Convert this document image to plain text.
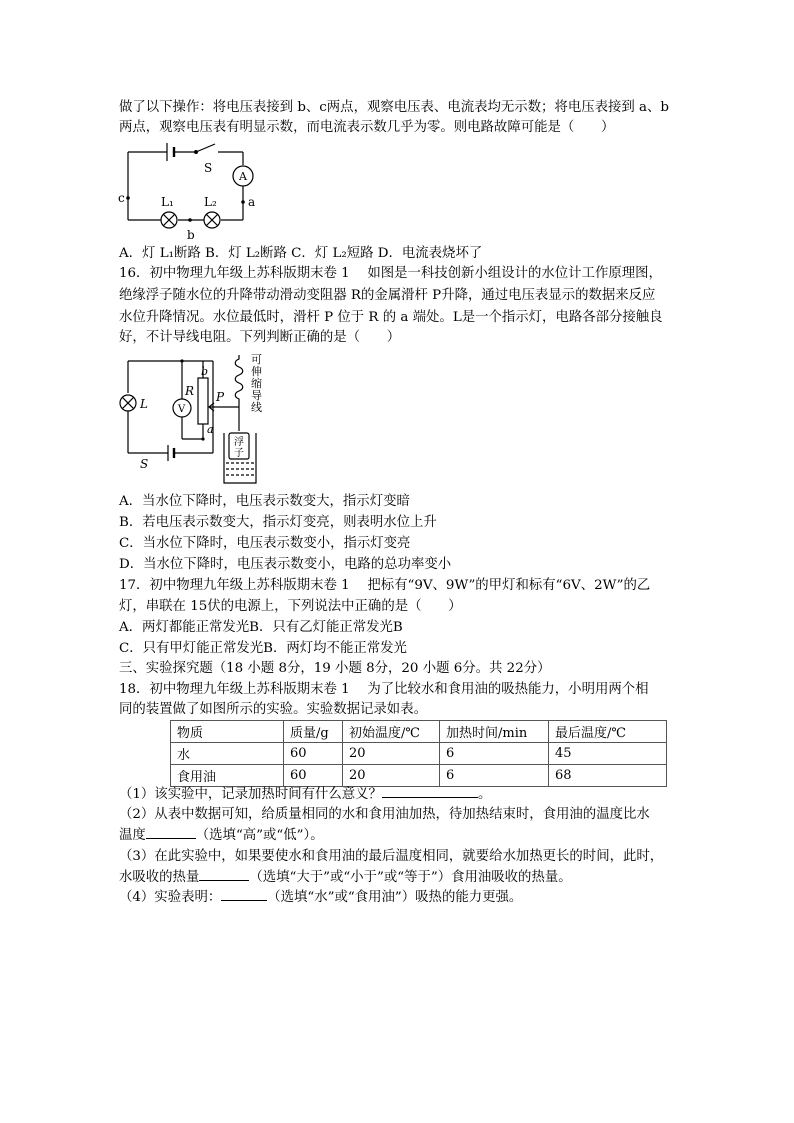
做了以下操作：将电压表接到 b、c两点，观察电压表、电流表均无示数；将电压表接到 a、b
两点，观察电压表有明显示数，而电流表示数几乎为零。则电路故障可能是（　　）
A
S
L₁	L₂	a
b
c
A．灯 L₁断路 B．灯 L₂断路 C．灯 L₂短路 D．电流表烧坏了
16．初中物理九年级上苏科版期末卷 1　 如图是一科技创新小组设计的水位计工作原理图，
绝缘浮子随水位的升降带动滑动变阻器 R的金属滑杆 P升降，通过电压表显示的数据来反应
水位升降情况。水位最低时，滑杆 P 位于 R 的 a 端处。L是一个指示灯，电路各部分接触良
好，不计导线电阻。下列判断正确的是（　　）
L	V
R P
b
a
S
可
伸
缩
导
线
浮
子
A．当水位下降时，电压表示数变大，指示灯变暗
B．若电压表示数变大，指示灯变亮，则表明水位上升
C．当水位下降时，电压表示数变小，指示灯变亮
D．当水位下降时，电压表示数变小，电路的总功率变小
17．初中物理九年级上苏科版期末卷 1　 把标有“9V、9W”的甲灯和标有“6V、2W”的乙
灯，串联在 15伏的电源上，下列说法中正确的是（　　）
A．两灯都能正常发光B．只有乙灯能正常发光B
C．只有甲灯能正常发光B．两灯均不能正常发光
三、实验探究题（18 小题 8分，19 小题 8分，20 小题 6分。共 22分）
18．初中物理九年级上苏科版期末卷 1　 为了比较水和食用油的吸热能力，小明用两个相
同的装置做了如图所示的实验。实验数据记录如表。
物质	质量/g	初始温度/℃	加热时间/min	最后温度/℃
水	60	20	6	45
食用油	60	20	6	68
（1）该实验中，记录加热时间有什么意义？	。
（2）从表中数据可知，给质量相同的水和食用油加热，待加热结束时，食用油的温度比水
温度	（选填“高”或“低”）。
（3）在此实验中，如果要使水和食用油的最后温度相同，就要给水加热更长的时间，此时，
水吸收的热量	（选填“大于”或“小于”或“等于”）食用油吸收的热量。
（4）实验表明：	（选填“水”或“食用油”）吸热的能力更强。
